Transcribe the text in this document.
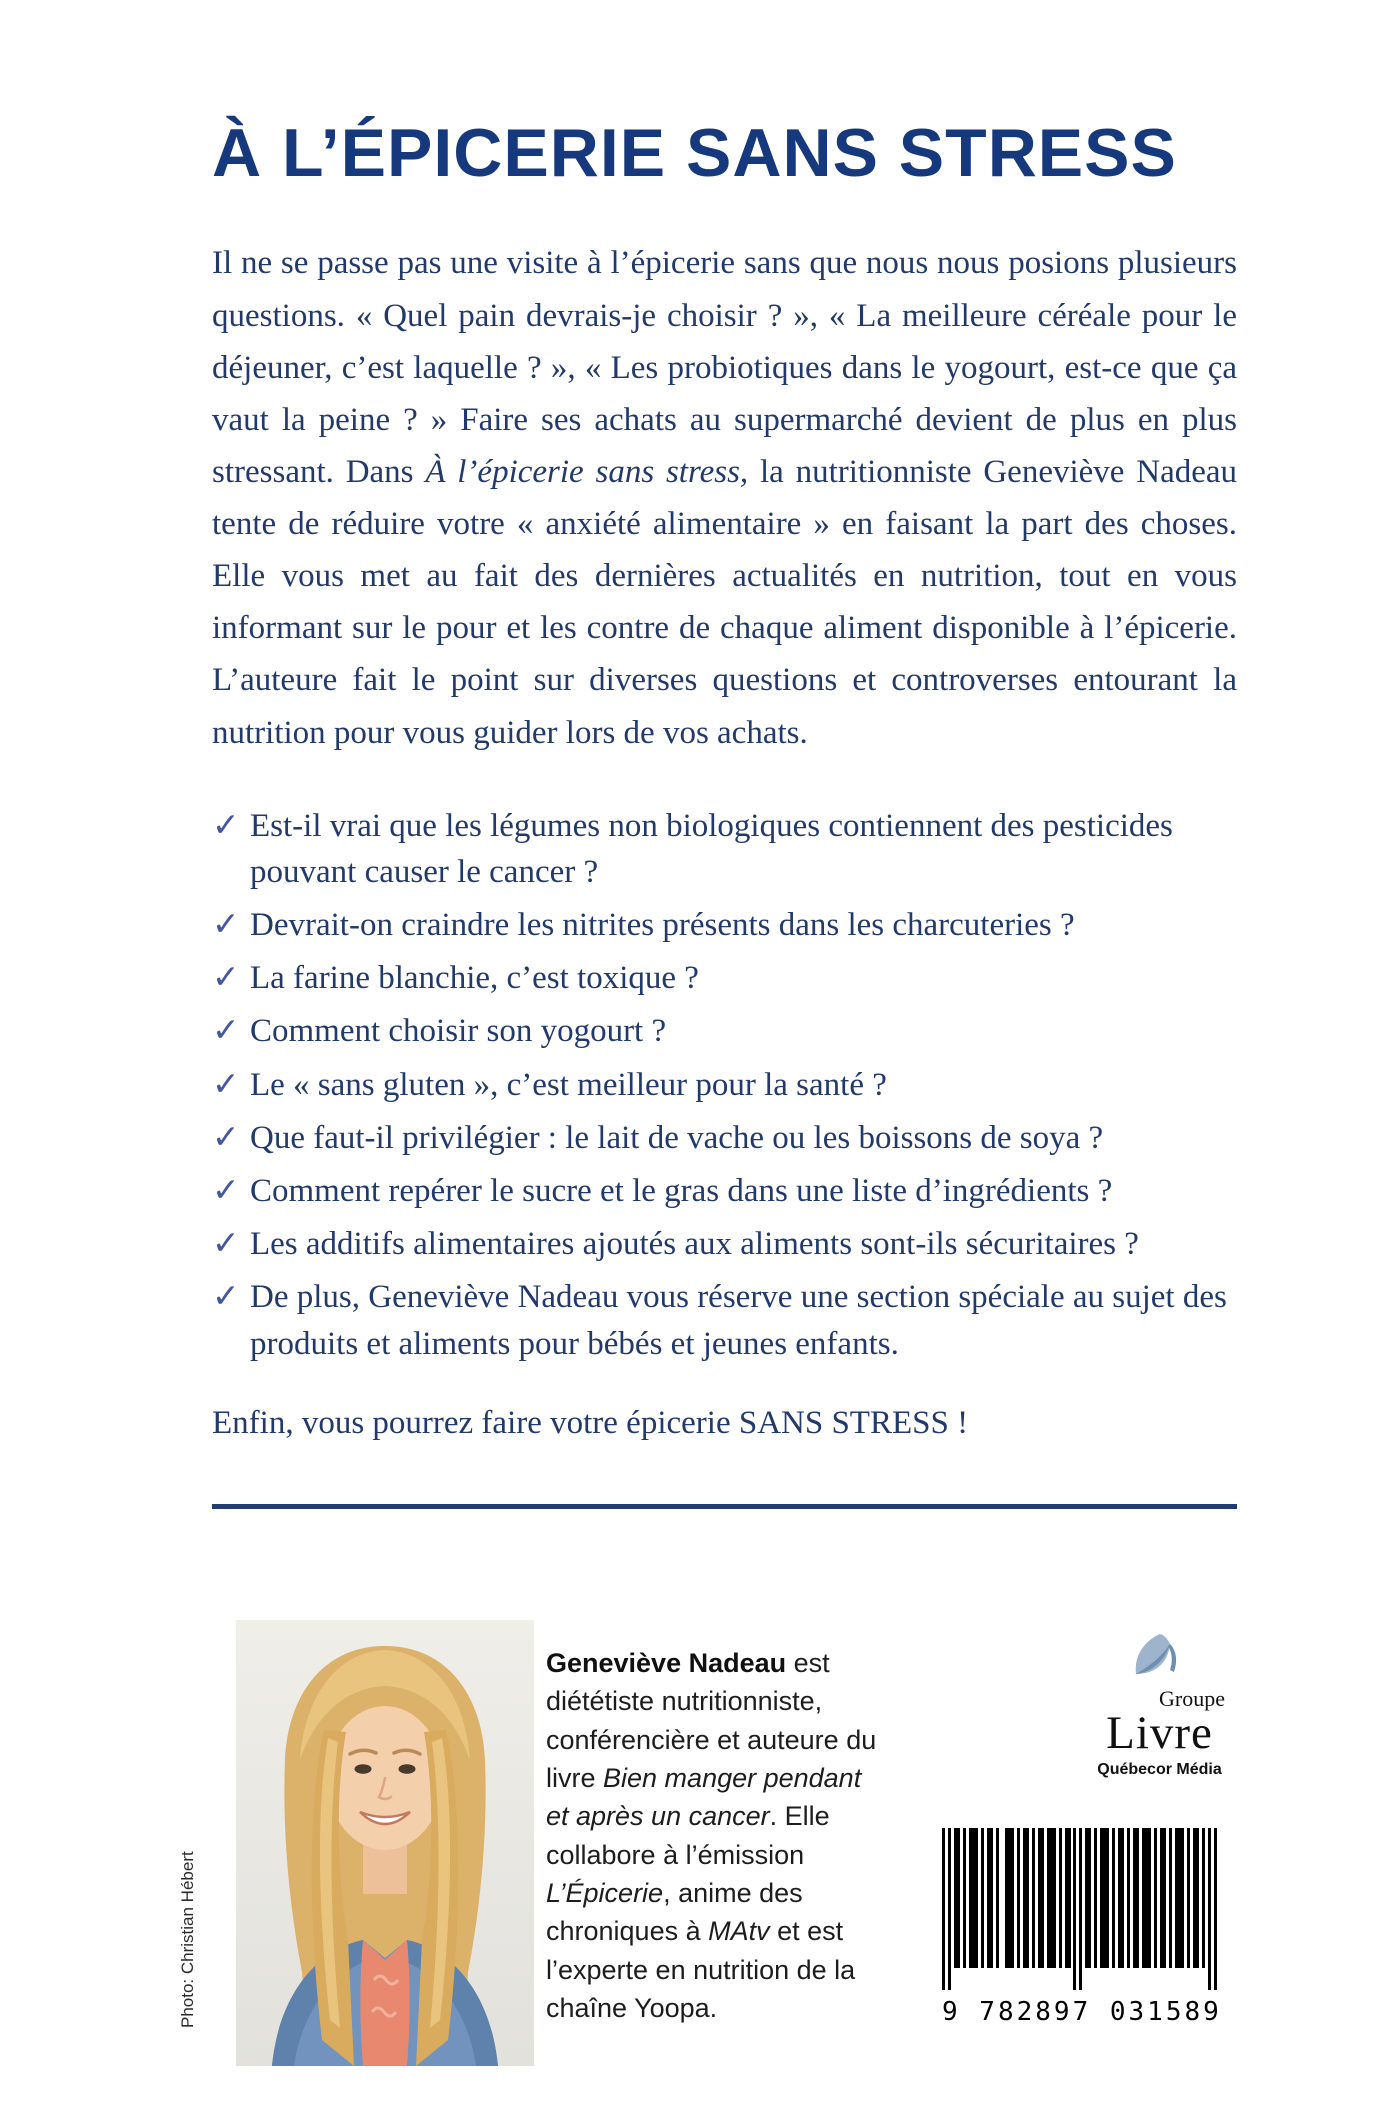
À L’ÉPICERIE SANS STRESS

Il ne se passe pas une visite à l’épicerie sans que nous nous posions plusieurs questions. « Quel pain devrais-je choisir ? », « La meilleure céréale pour le déjeuner, c’est laquelle ? », « Les probiotiques dans le yogourt, est-ce que ça vaut la peine ? » Faire ses achats au supermarché devient de plus en plus stressant. Dans À l’épicerie sans stress, la nutritionniste Geneviève Nadeau tente de réduire votre « anxiété alimentaire » en faisant la part des choses. Elle vous met au fait des dernières actualités en nutrition, tout en vous informant sur le pour et les contre de chaque aliment disponible à l’épicerie. L’auteure fait le point sur diverses questions et controverses entourant la nutrition pour vous guider lors de vos achats.

✓ Est-il vrai que les légumes non biologiques contiennent des pesticides pouvant causer le cancer ?
✓ Devrait-on craindre les nitrites présents dans les charcuteries ?
✓ La farine blanchie, c’est toxique ?
✓ Comment choisir son yogourt ?
✓ Le « sans gluten », c’est meilleur pour la santé ?
✓ Que faut-il privilégier : le lait de vache ou les boissons de soya ?
✓ Comment repérer le sucre et le gras dans une liste d’ingrédients ?
✓ Les additifs alimentaires ajoutés aux aliments sont-ils sécuritaires ?
✓ De plus, Geneviève Nadeau vous réserve une section spéciale au sujet des produits et aliments pour bébés et jeunes enfants.

Enfin, vous pourrez faire votre épicerie SANS STRESS !

Photo: Christian Hébert

Geneviève Nadeau est diététiste nutritionniste, conférencière et auteure du livre Bien manger pendant et après un cancer. Elle collabore à l’émission L’Épicerie, anime des chroniques à MAtv et est l’experte en nutrition de la chaîne Yoopa.

Groupe
Livre
Québecor Média
9 782897 031589
